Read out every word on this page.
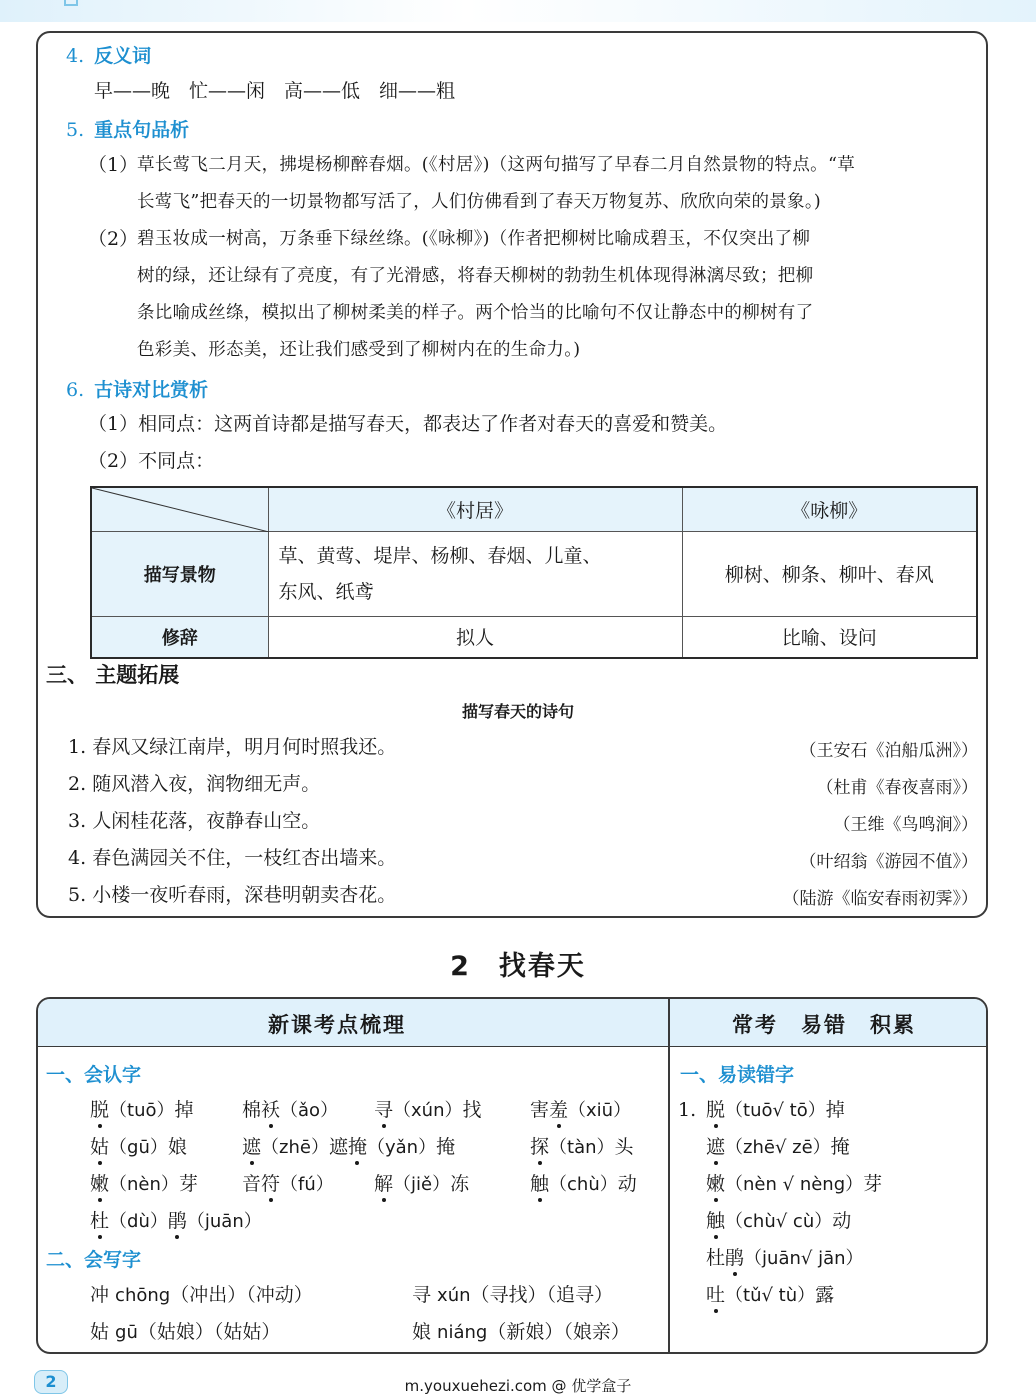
4. 反义词
早——晚　忙——闲　高——低　细——粗
5. 重点句品析
（1）
草长莺飞二月天，拂堤杨柳醉春烟。(《村居》)（这两句描写了早春二月自然景物的特点。“草
长莺飞”把春天的一切景物都写活了，人们仿佛看到了春天万物复苏、欣欣向荣的景象。)
（2）
碧玉妆成一树高，万条垂下绿丝绦。(《咏柳》)（作者把柳树比喻成碧玉，不仅突出了柳
树的绿，还让绿有了亮度，有了光滑感，将春天柳树的勃勃生机体现得淋漓尽致；把柳
条比喻成丝绦，模拟出了柳树柔美的样子。两个恰当的比喻句不仅让静态中的柳树有了
色彩美、形态美，还让我们感受到了柳树内在的生命力。)
6. 古诗对比赏析
（1）相同点：这两首诗都是描写春天，都表达了作者对春天的喜爱和赞美。
（2）不同点：
	《村居》	《咏柳》
描写景物	草、黄莺、堤岸、杨柳、春烟、儿童、
东风、纸鸢	柳树、柳条、柳叶、春风
修辞	拟人	比喻、设问
三、 主题拓展
描写春天的诗句
1. 春风又绿江南岸，明月何时照我还。	（王安石《泊船瓜洲》）
2. 随风潜入夜，润物细无声。	（杜甫《春夜喜雨》）
3. 人闲桂花落，夜静春山空。	（王维《鸟鸣涧》）
4. 春色满园关不住，一枝红杏出墙来。	（叶绍翁《游园不值》）
5. 小楼一夜听春雨，深巷明朝卖杏花。	（陆游《临安春雨初霁》）
2 找春天
新课考点梳理	常考　易错　积累
一、会认字
脱（tuō）掉	棉袄（ǎo） 寻（xún）找	害羞（xiū）
姑（gū）娘	遮（zhē）遮掩（yǎn）掩	探（tàn）头
嫩（nèn）芽 音符（fú） 解（jiě）冻	触（chù）动
杜（dù）鹃（juān）
二、会写字
冲 chōng（冲出）（冲动）	寻 xún（寻找）（追寻）
姑 gū（姑娘）（姑姑）	娘 niáng（新娘）（娘亲）
一、易读错字
1. 脱（tuō√ tō）掉
遮（zhē√ zē）掩
嫩（nèn √ nèng）芽
触（chù√ cù）动
杜鹃（juān√ jān）
吐（tǔ√ tù）露
2	m.youxuehezi.com @ 优学盒子
